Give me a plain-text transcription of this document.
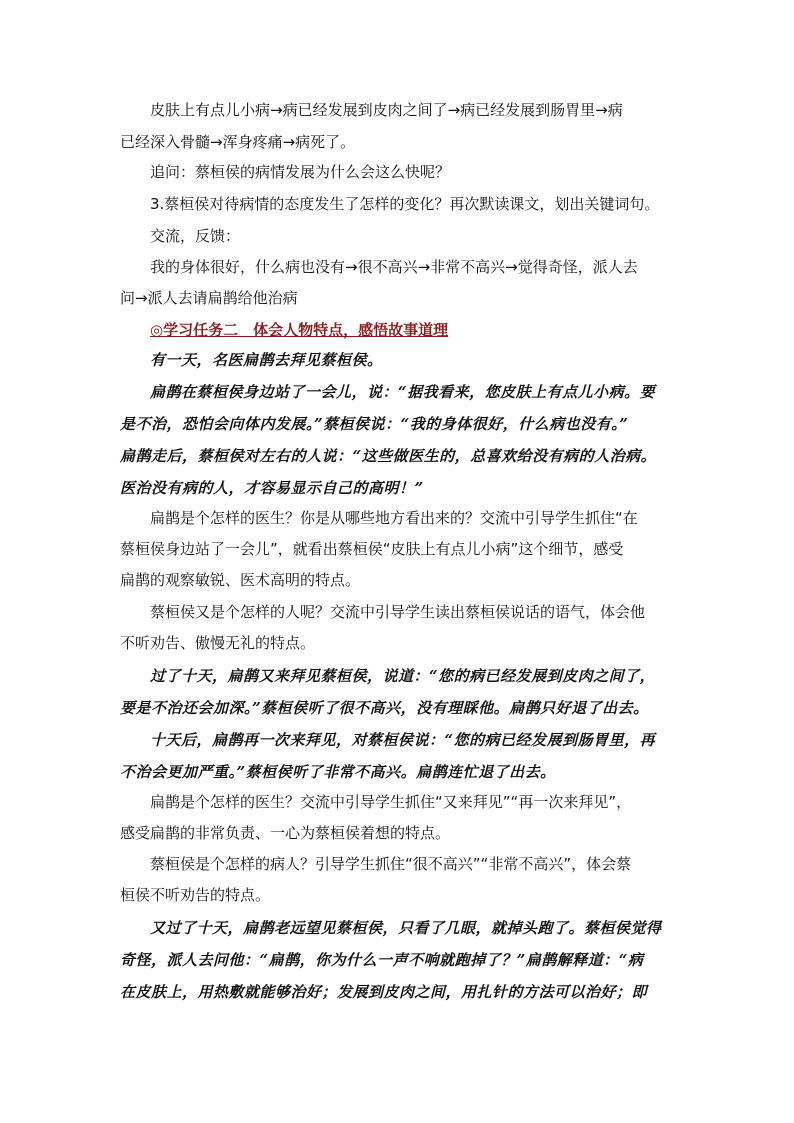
皮肤上有点儿小病→病已经发展到皮肉之间了→病已经发展到肠胃里→病
已经深入骨髓→浑身疼痛→病死了。
追问：蔡桓侯的病情发展为什么会这么快呢？
3.蔡桓侯对待病情的态度发生了怎样的变化？再次默读课文，划出关键词句。
交流，反馈：
我的身体很好，什么病也没有→很不高兴→非常不高兴→觉得奇怪，派人去
问→派人去请扁鹊给他治病
◎学习任务二　体会人物特点，感悟故事道理
有一天，名医扁鹊去拜见蔡桓侯。
扁鹊在蔡桓侯身边站了一会儿，说：“据我看来，您皮肤上有点儿小病。要
是不治，恐怕会向体内发展。”蔡桓侯说：“我的身体很好，什么病也没有。”
扁鹊走后，蔡桓侯对左右的人说：“这些做医生的，总喜欢给没有病的人治病。
医治没有病的人，才容易显示自己的高明！”
扁鹊是个怎样的医生？你是从哪些地方看出来的？交流中引导学生抓住“在
蔡桓侯身边站了一会儿”，就看出蔡桓侯“皮肤上有点儿小病”这个细节，感受
扁鹊的观察敏锐、医术高明的特点。
蔡桓侯又是个怎样的人呢？交流中引导学生读出蔡桓侯说话的语气，体会他
不听劝告、傲慢无礼的特点。
过了十天，扁鹊又来拜见蔡桓侯，说道：“您的病已经发展到皮肉之间了，
要是不治还会加深。”蔡桓侯听了很不高兴，没有理睬他。扁鹊只好退了出去。
十天后，扁鹊再一次来拜见，对蔡桓侯说：“您的病已经发展到肠胃里，再
不治会更加严重。”蔡桓侯听了非常不高兴。扁鹊连忙退了出去。
扁鹊是个怎样的医生？交流中引导学生抓住“又来拜见”“再一次来拜见”，
感受扁鹊的非常负责、一心为蔡桓侯着想的特点。
蔡桓侯是个怎样的病人？引导学生抓住“很不高兴”“非常不高兴”，体会蔡
桓侯不听劝告的特点。
又过了十天，扁鹊老远望见蔡桓侯，只看了几眼，就掉头跑了。蔡桓侯觉得
奇怪，派人去问他：“扁鹊，你为什么一声不响就跑掉了？”扁鹊解释道：“病
在皮肤上，用热敷就能够治好；发展到皮肉之间，用扎针的方法可以治好；即
